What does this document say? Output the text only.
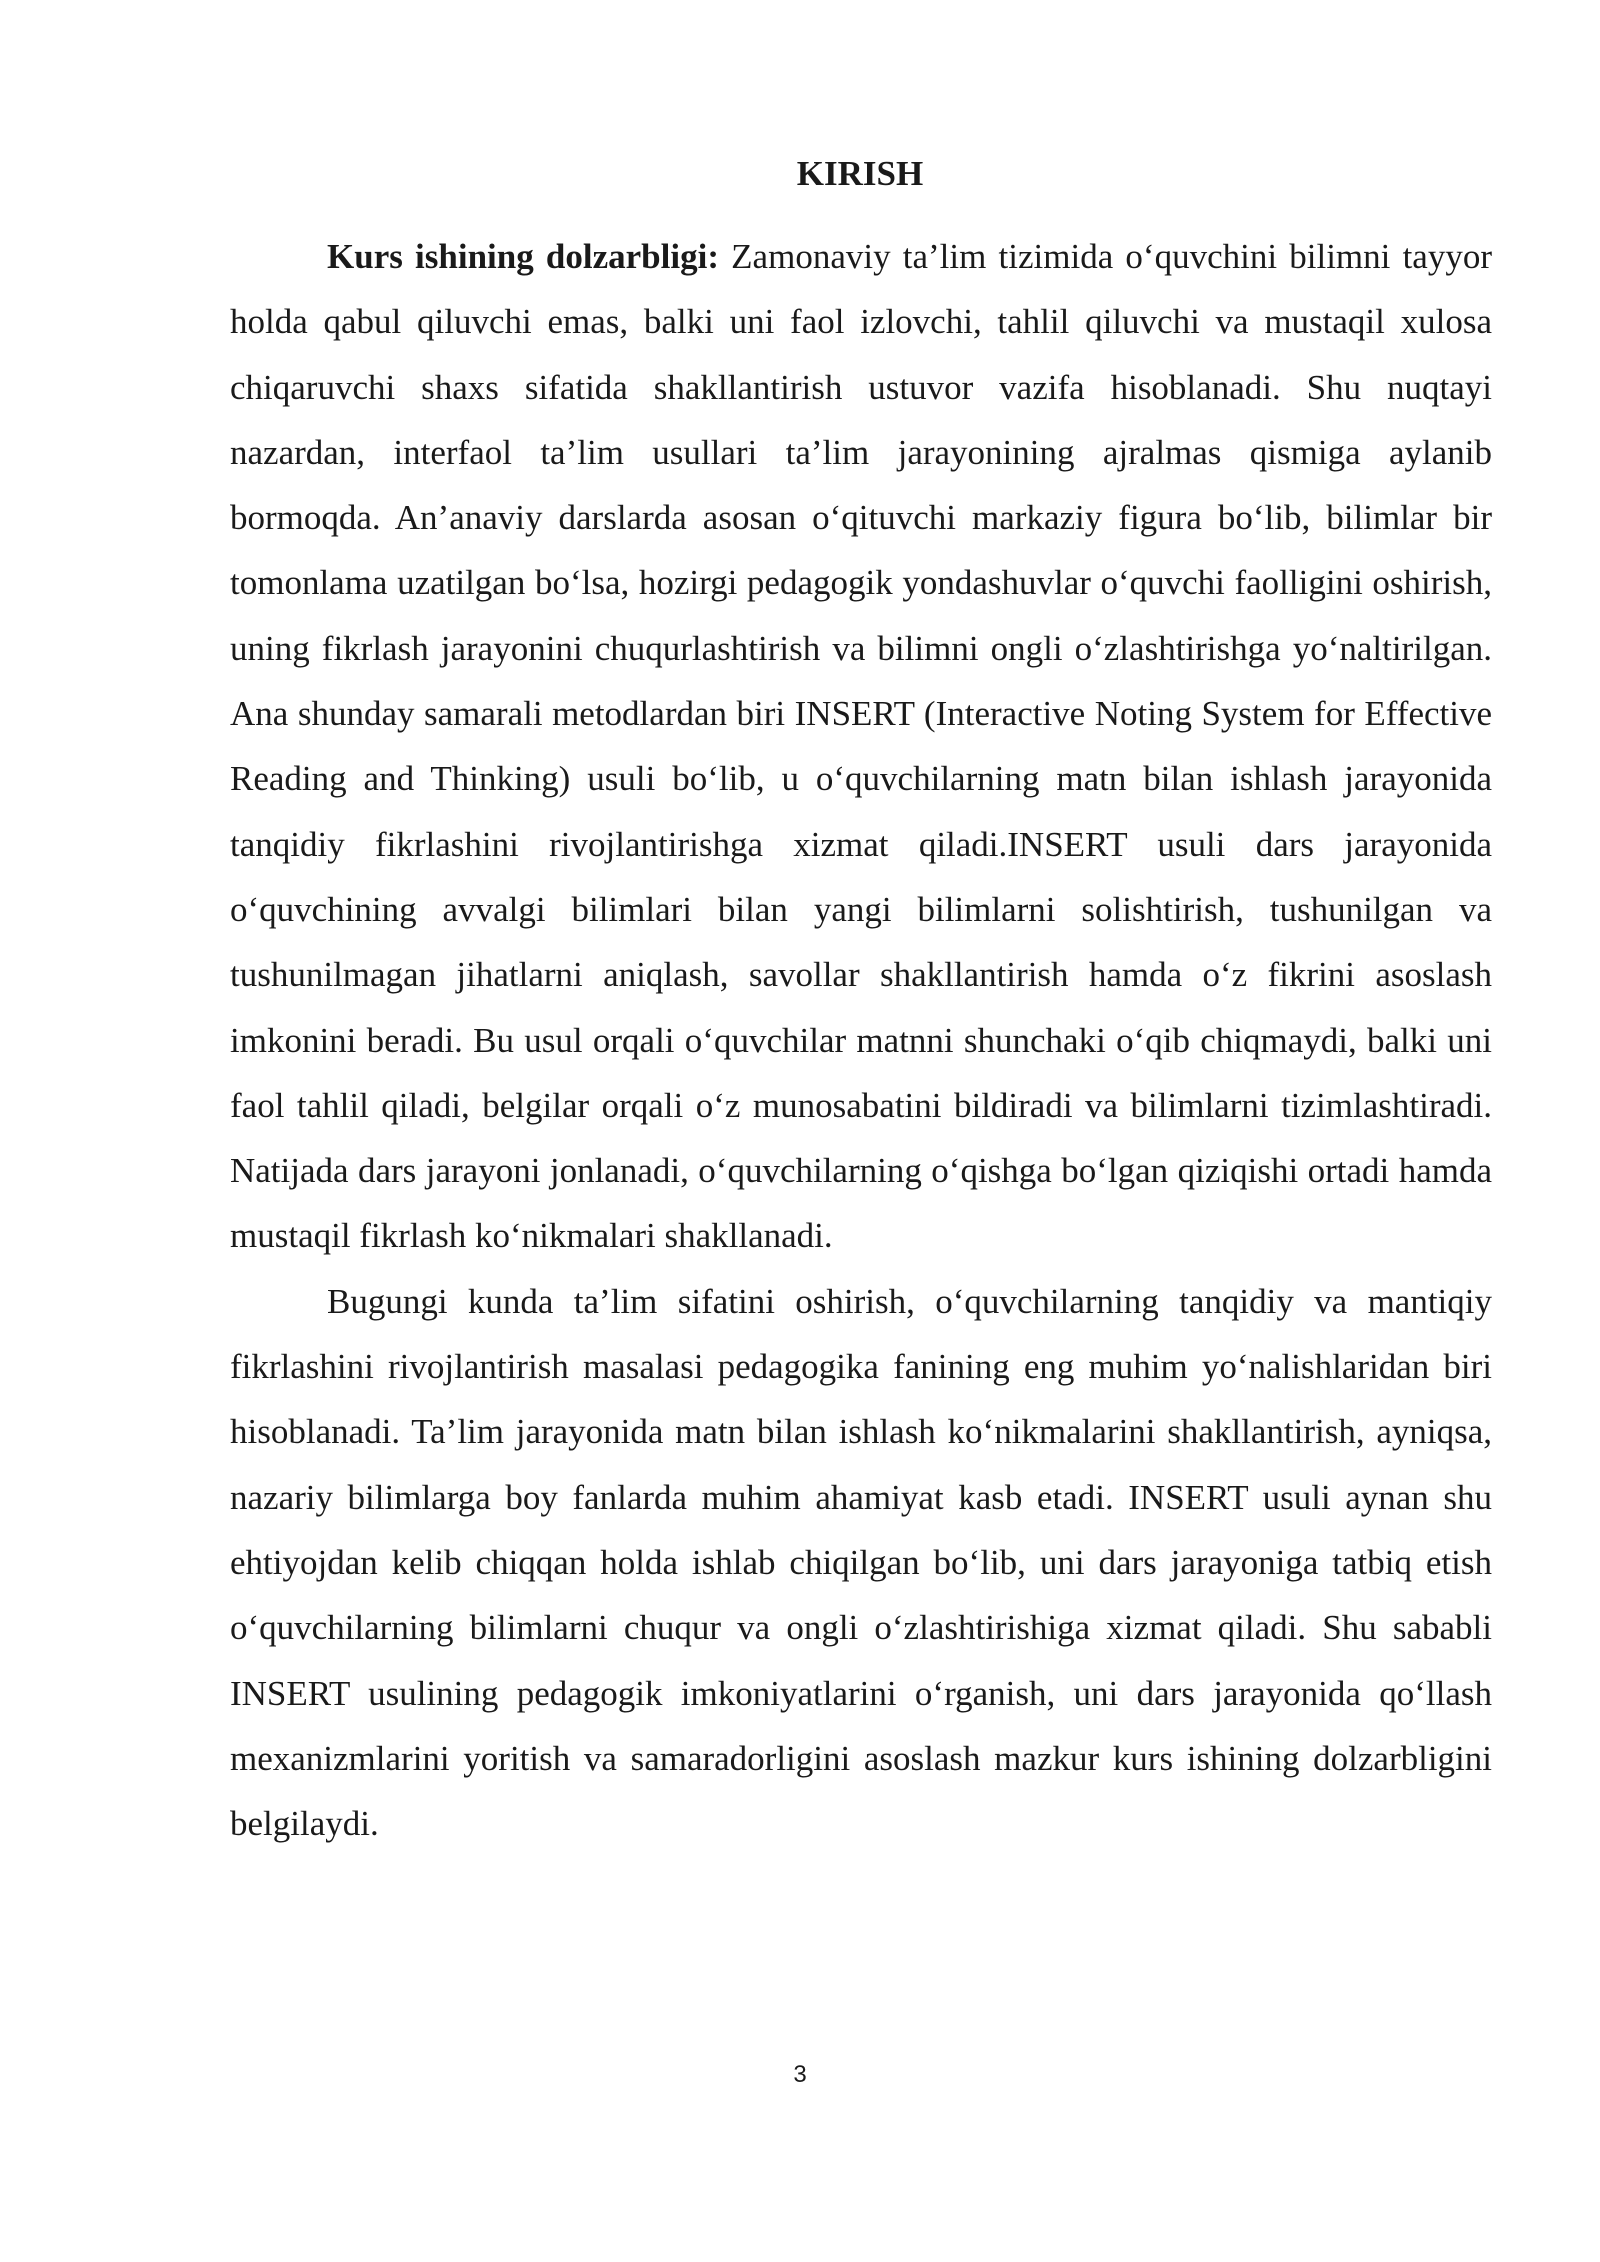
KIRISH

Kurs ishining dolzarbligi: Zamonaviy ta’lim tizimida o‘quvchini bilimni tayyor holda qabul qiluvchi emas, balki uni faol izlovchi, tahlil qiluvchi va mustaqil xulosa chiqaruvchi shaxs sifatida shakllantirish ustuvor vazifa hisoblanadi. Shu nuqtayi nazardan, interfaol ta’lim usullari ta’lim jarayonining ajralmas qismiga aylanib bormoqda. An’anaviy darslarda asosan o‘qituvchi markaziy figura bo‘lib, bilimlar bir tomonlama uzatilgan bo‘lsa, hozirgi pedagogik yondashuvlar o‘quvchi faolligini oshirish, uning fikrlash jarayonini chuqurlashtirish va bilimni ongli o‘zlashtirishga yo‘naltirilgan. Ana shunday samarali metodlardan biri INSERT (Interactive Noting System for Effective Reading and Thinking) usuli bo‘lib, u o‘quvchilarning matn bilan ishlash jarayonida tanqidiy fikrlashini rivojlantirishga xizmat qiladi.INSERT usuli dars jarayonida o‘quvchining avvalgi bilimlari bilan yangi bilimlarni solishtirish, tushunilgan va tushunilmagan jihatlarni aniqlash, savollar shakllantirish hamda o‘z fikrini asoslash imkonini beradi. Bu usul orqali o‘quvchilar matnni shunchaki o‘qib chiqmaydi, balki uni faol tahlil qiladi, belgilar orqali o‘z munosabatini bildiradi va bilimlarni tizimlashtiradi. Natijada dars jarayoni jonlanadi, o‘quvchilarning o‘qishga bo‘lgan qiziqishi ortadi hamda mustaqil fikrlash ko‘nikmalari shakllanadi.

Bugungi kunda ta’lim sifatini oshirish, o‘quvchilarning tanqidiy va mantiqiy fikrlashini rivojlantirish masalasi pedagogika fanining eng muhim yo‘nalishlaridan biri hisoblanadi. Ta’lim jarayonida matn bilan ishlash ko‘nikmalarini shakllantirish, ayniqsa, nazariy bilimlarga boy fanlarda muhim ahamiyat kasb etadi. INSERT usuli aynan shu ehtiyojdan kelib chiqqan holda ishlab chiqilgan bo‘lib, uni dars jarayoniga tatbiq etish o‘quvchilarning bilimlarni chuqur va ongli o‘zlashtirishiga xizmat qiladi. Shu sababli INSERT usulining pedagogik imkoniyatlarini o‘rganish, uni dars jarayonida qo‘llash mexanizmlarini yoritish va samaradorligini asoslash mazkur kurs ishining dolzarbligini belgilaydi.

3
